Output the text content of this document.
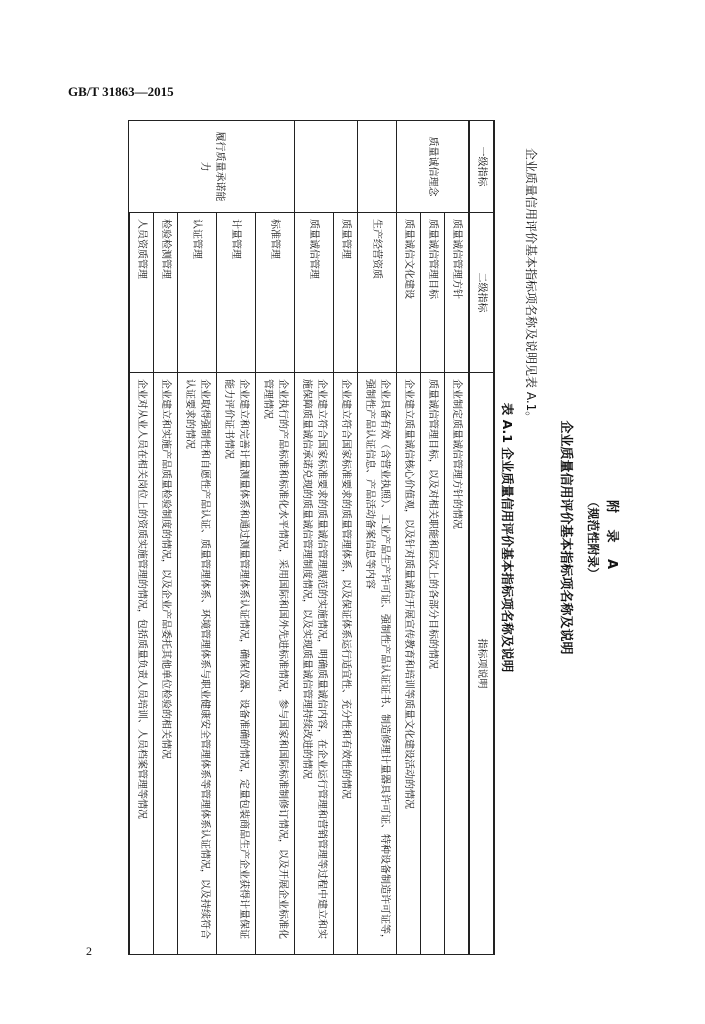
GB/T 31863—2015
附 录 A
（规范性附录）
企业质量信用评价基本指标项名称及说明
企业质量信用评价基本指标项名称及说明见表 A.1。
表 A.1 企业质量信用评价基本指标项名称及说明
一级指标	二级指标	指标项说明
质量诚信理念	质量诚信管理方针	企业制定质量诚信管理方针的情况
	质量诚信管理目标	质量诚信管理目标，以及对相关职能和层次上的各部分目标的情况
	质量诚信文化建设	企业建立质量诚信核心价值观，以及针对质量诚信开展宣传教育和培训等质量文化建设活动的情况
	生产经营资质	企业具备有效（含营业执照）、工业产品生产许可证、强制性产品认证证书、制造修理计量器具许可证、特种设备制造许可证等，强制性产品认证信息、产品活动备案信息等内容
	质量管理	企业建立符合国家标准要求的质量管理体系，以及保证体系运行适宜性、充分性和有效性的情况
	质量诚信管理	企业建立符合国家标准要求的质量诚信管理规范的实施情况，明确质量诚信内容，在企业运行管理和营销管理等过程中建立和实施保障质量诚信承诺兑现的质量诚信管理制度情况，以及实现质量诚信管理持续改进的情况
履行质量承诺能力	标准管理	企业执行的产品标准和标准化水平情况，采用国际和国外先进标准情况，参与国家和国际标准制修订情况，以及开展企业标准化管理情况
	计量管理	企业建立和完善计量测量体系和通过测量管理体系认证情况，确保仪器、设备准确的情况，定量包装商品生产企业获得计量保证能力评价证书情况
	认证管理	企业取得强制性和自愿性产品认证、质量管理体系、环境管理体系与职业健康安全管理体系等管理体系认证情况，以及持续符合认证要求的情况
	检验检测管理	企业建立和实施产品质量检验制度的情况，以及企业产品委托其他单位检验的相关情况
	人员资质管理	企业对从业人员在相关岗位上的资质实施管理的情况，包括质量负责人员培训、人员档案管理等情况
2
